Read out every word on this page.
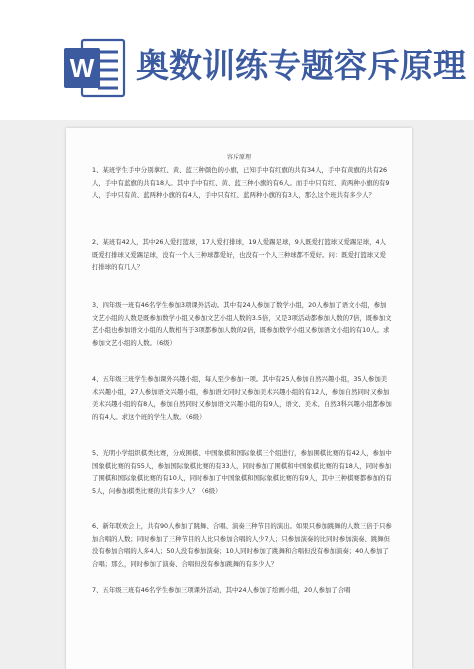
W 奥数训练专题容斥原理
容斥原理
1、某班学生手中分别拿红、黄、蓝三种颜色的小旗，已知手中有红旗的共有34人，手中有黄旗的共有26人，手中有蓝旗的共有18人。其中手中有红、黄、蓝三种小旗的有6人。而手中只有红、黄两种小旗的有9人，手中只有黄、蓝两种小旗的有4人，手中只有红、蓝两种小旗的有3人，那么这个班共有多少人？
2、某班有42人，其中26人爱打篮球，17人爱打排球，19人爱踢足球，9人既爱打篮球又爱踢足球，4人既爱打排球又爱踢足球，没有一个人三种球都爱好，也没有一个人三种球都不爱好。问：既爱打篮球又爱打排球的有几人？
3、四年级一班有46名学生参加3项课外活动。其中有24人参加了数学小组，20人参加了语文小组，参加文艺小组的人数是既参加数学小组又参加文艺小组人数的3.5倍，又是3项活动都参加人数的7倍，既参加文艺小组也参加语文小组的人数相当于3项都参加人数的2倍，既参加数学小组又参加语文小组的有10人。求参加文艺小组的人数。（6级）
4、五年级三班学生参加课外兴趣小组，每人至少参加一项。其中有25人参加自然兴趣小组，35人参加美术兴趣小组，27人参加语文兴趣小组，参加语文同时又参加美术兴趣小组的有12人，参加自然同时又参加美术兴趣小组的有8人，参加自然同时又参加语文兴趣小组的有9人，语文、美术、自然3科兴趣小组都参加的有4人。求这个班的学生人数。（6级）
5、光明小学组织棋类比赛，分成围棋、中国象棋和国际象棋三个组进行，参加围棋比赛的有42人，参加中国象棋比赛的有55人，参加国际象棋比赛的有33人，同时参加了围棋和中国象棋比赛的有18人，同时参加了围棋和国际象棋比赛的有10人，同时参加了中国象棋和国际象棋比赛的有9人，其中三种棋赛都参加的有5人，问参加棋类比赛的共有多少人？（6级）
6、新年联欢会上，共有90人参加了跳舞、合唱、演奏三种节目的演出。如果只参加跳舞的人数三倍于只参加合唱的人数；同时参加了三种节目的人比只参加合唱的人少7人；只参加演奏的比同时参加演奏、跳舞但没有参加合唱的人多4人；50人没有参加演奏；10人同时参加了跳舞和合唱但没有参加演奏；40人参加了合唱；那么，同时参加了演奏、合唱但没有参加跳舞的有多少人？
7、五年级三班有46名学生参加三项课外活动，其中24人参加了绘画小组，20人参加了合唱
